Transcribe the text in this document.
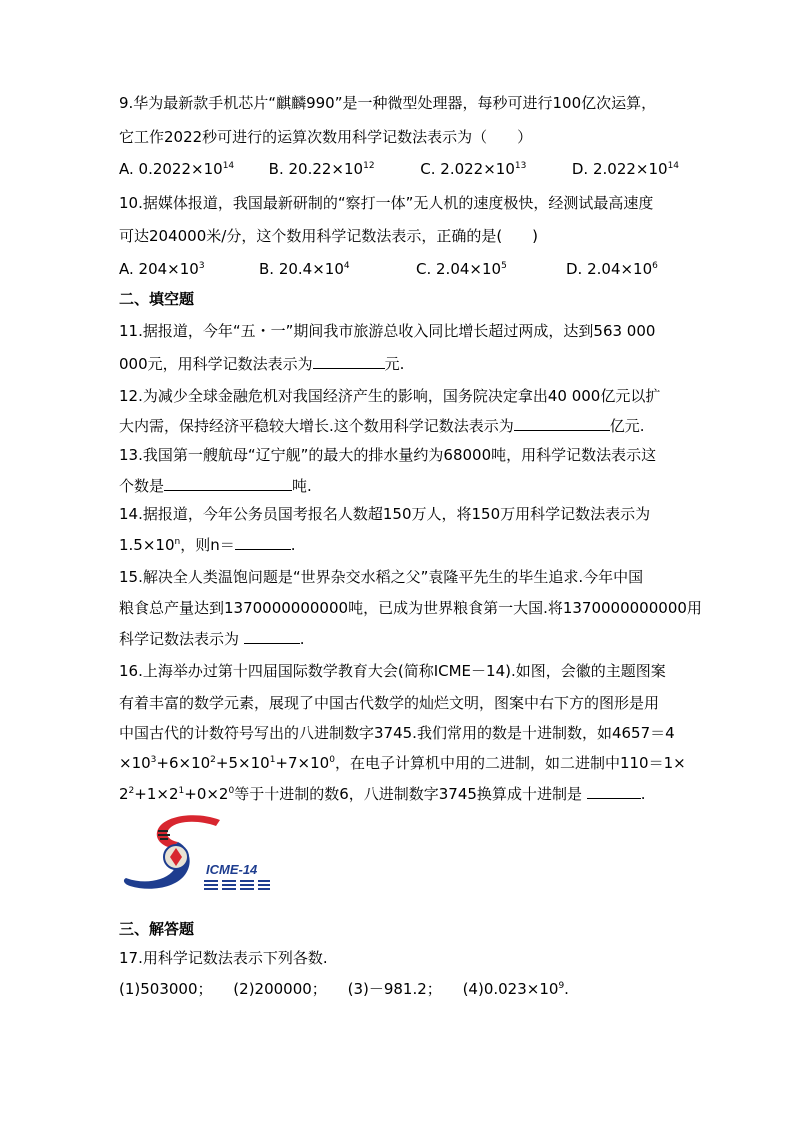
9.华为最新款手机芯片“麒麟990”是一种微型处理器，每秒可进行100亿次运算，
它工作2022秒可进行的运算次数用科学记数法表示为（　　）
A. $0.2022\times 10^{14}$	B. $20.22\times 10^{12}$	C. $2.022\times 10^{13}$	D. $2.022\times 10^{14}$
10.据媒体报道，我国最新研制的“察打一体”无人机的速度极快，经测试最高速度
可达204000米/分，这个数用科学记数法表示，正确的是(　　)
A. $204\times 10^3$	B. $20.4\times 10^4$	C. $2.04\times 10^5$	D. $2.04\times 10^6$
二、填空题
11.据报道，今年“五・一”期间我市旅游总收入同比增长超过两成，达到563 000
000元，用科学记数法表示为	元.
12.为减少全球金融危机对我国经济产生的影响，国务院决定拿出40 000亿元以扩
大内需，保持经济平稳较大增长.这个数用科学记数法表示为	亿元.
13.我国第一艘航母“辽宁舰”的最大的排水量约为68000吨，用科学记数法表示这
个数是	吨.
14.据报道，今年公务员国考报名人数超150万人，将150万用科学记数法表示为
$1.5\times 10^n$，则n＝	.
15.解决全人类温饱问题是“世界杂交水稻之父”袁隆平先生的毕生追求.今年中国
粮食总产量达到1370000000000吨，已成为世界粮食第一大国.将1370000000000用
科学记数法表示为	.
16.上海举办过第十四届国际数学教育大会(简称ICME－14).如图，会徽的主题图案
有着丰富的数学元素，展现了中国古代数学的灿烂文明，图案中右下方的图形是用
中国古代的计数符号写出的八进制数字3745.我们常用的数是十进制数，如4657＝4
$\times 10^3+6\times 10^2+5\times 10^1+7\times 10^0$，在电子计算机中用的二进制，如二进制中110＝1×
$2^2+1\times 2^1+0\times 2^0$等于十进制的数6，八进制数字3745换算成十进制是	.
ICME-14
三、解答题
17.用科学记数法表示下列各数.
(1)503000； (2)200000； (3)－981.2； $(4)0.023\times 10^9$.
